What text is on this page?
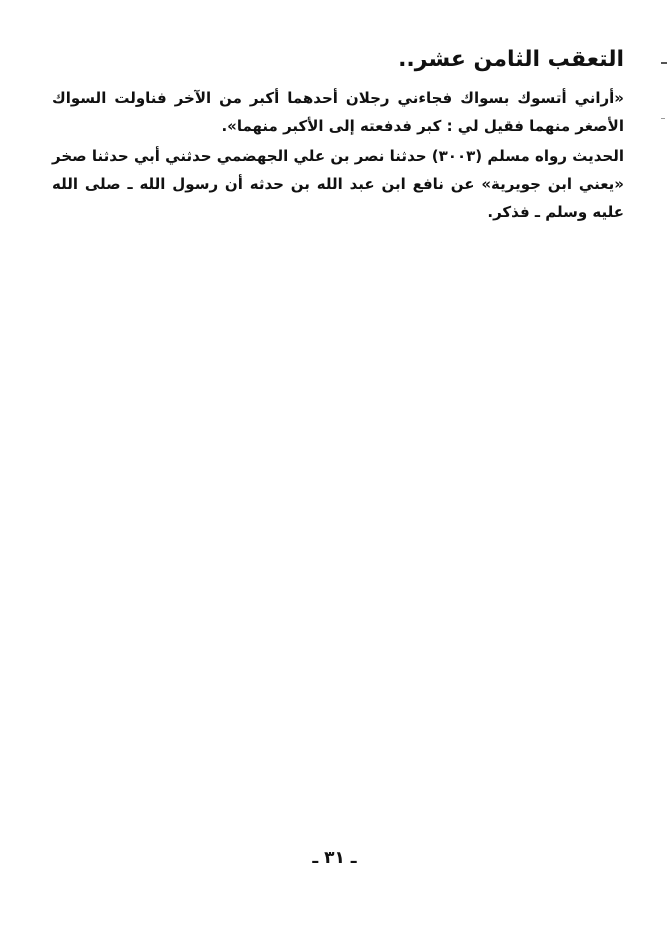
التعقب الثامن عشر..

«أراني أتسوك بسواك فجاءني رجلان أحدهما أكبر من الآخر فناولت السواك الأصغر منهما فقيل لي : كبر فدفعته إلى الأكبر منهما».

الحديث رواه مسلم (٣٠٠٣) حدثنا نصر بن علي الجهضمي حدثني أبي حدثنا صخر «يعني ابن جويرية» عن نافع ابن عبد الله بن حدثه أن رسول الله ـ صلى الله عليه وسلم ـ فذكر.

ـ ٣١ ـ
